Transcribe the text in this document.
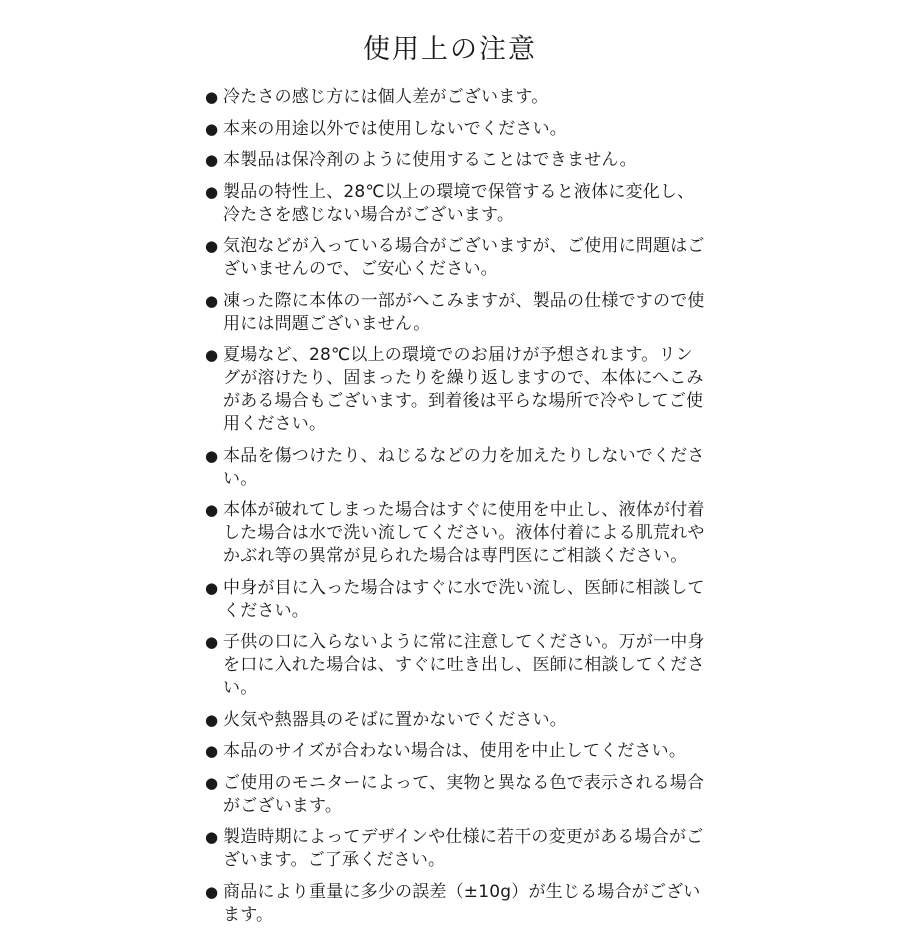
使用上の注意
● 冷たさの感じ方には個人差がございます。
● 本来の用途以外では使用しないでください。
● 本製品は保冷剤のように使用することはできません。
● 製品の特性上、28℃以上の環境で保管すると液体に変化し、冷たさを感じない場合がございます。
● 気泡などが入っている場合がございますが、ご使用に問題はございませんので、ご安心ください。
● 凍った際に本体の一部がへこみますが、製品の仕様ですので使用には問題ございません。
● 夏場など、28℃以上の環境でのお届けが予想されます。リングが溶けたり、固まったりを繰り返しますので、本体にへこみがある場合もございます。到着後は平らな場所で冷やしてご使用ください。
● 本品を傷つけたり、ねじるなどの力を加えたりしないでください。
● 本体が破れてしまった場合はすぐに使用を中止し、液体が付着した場合は水で洗い流してください。液体付着による肌荒れやかぶれ等の異常が見られた場合は専門医にご相談ください。
● 中身が目に入った場合はすぐに水で洗い流し、医師に相談してください。
● 子供の口に入らないように常に注意してください。万が一中身を口に入れた場合は、すぐに吐き出し、医師に相談してください。
● 火気や熱器具のそばに置かないでください。
● 本品のサイズが合わない場合は、使用を中止してください。
● ご使用のモニターによって、実物と異なる色で表示される場合がございます。
● 製造時期によってデザインや仕様に若干の変更がある場合がございます。ご了承ください。
● 商品により重量に多少の誤差（±10g）が生じる場合がございます。
